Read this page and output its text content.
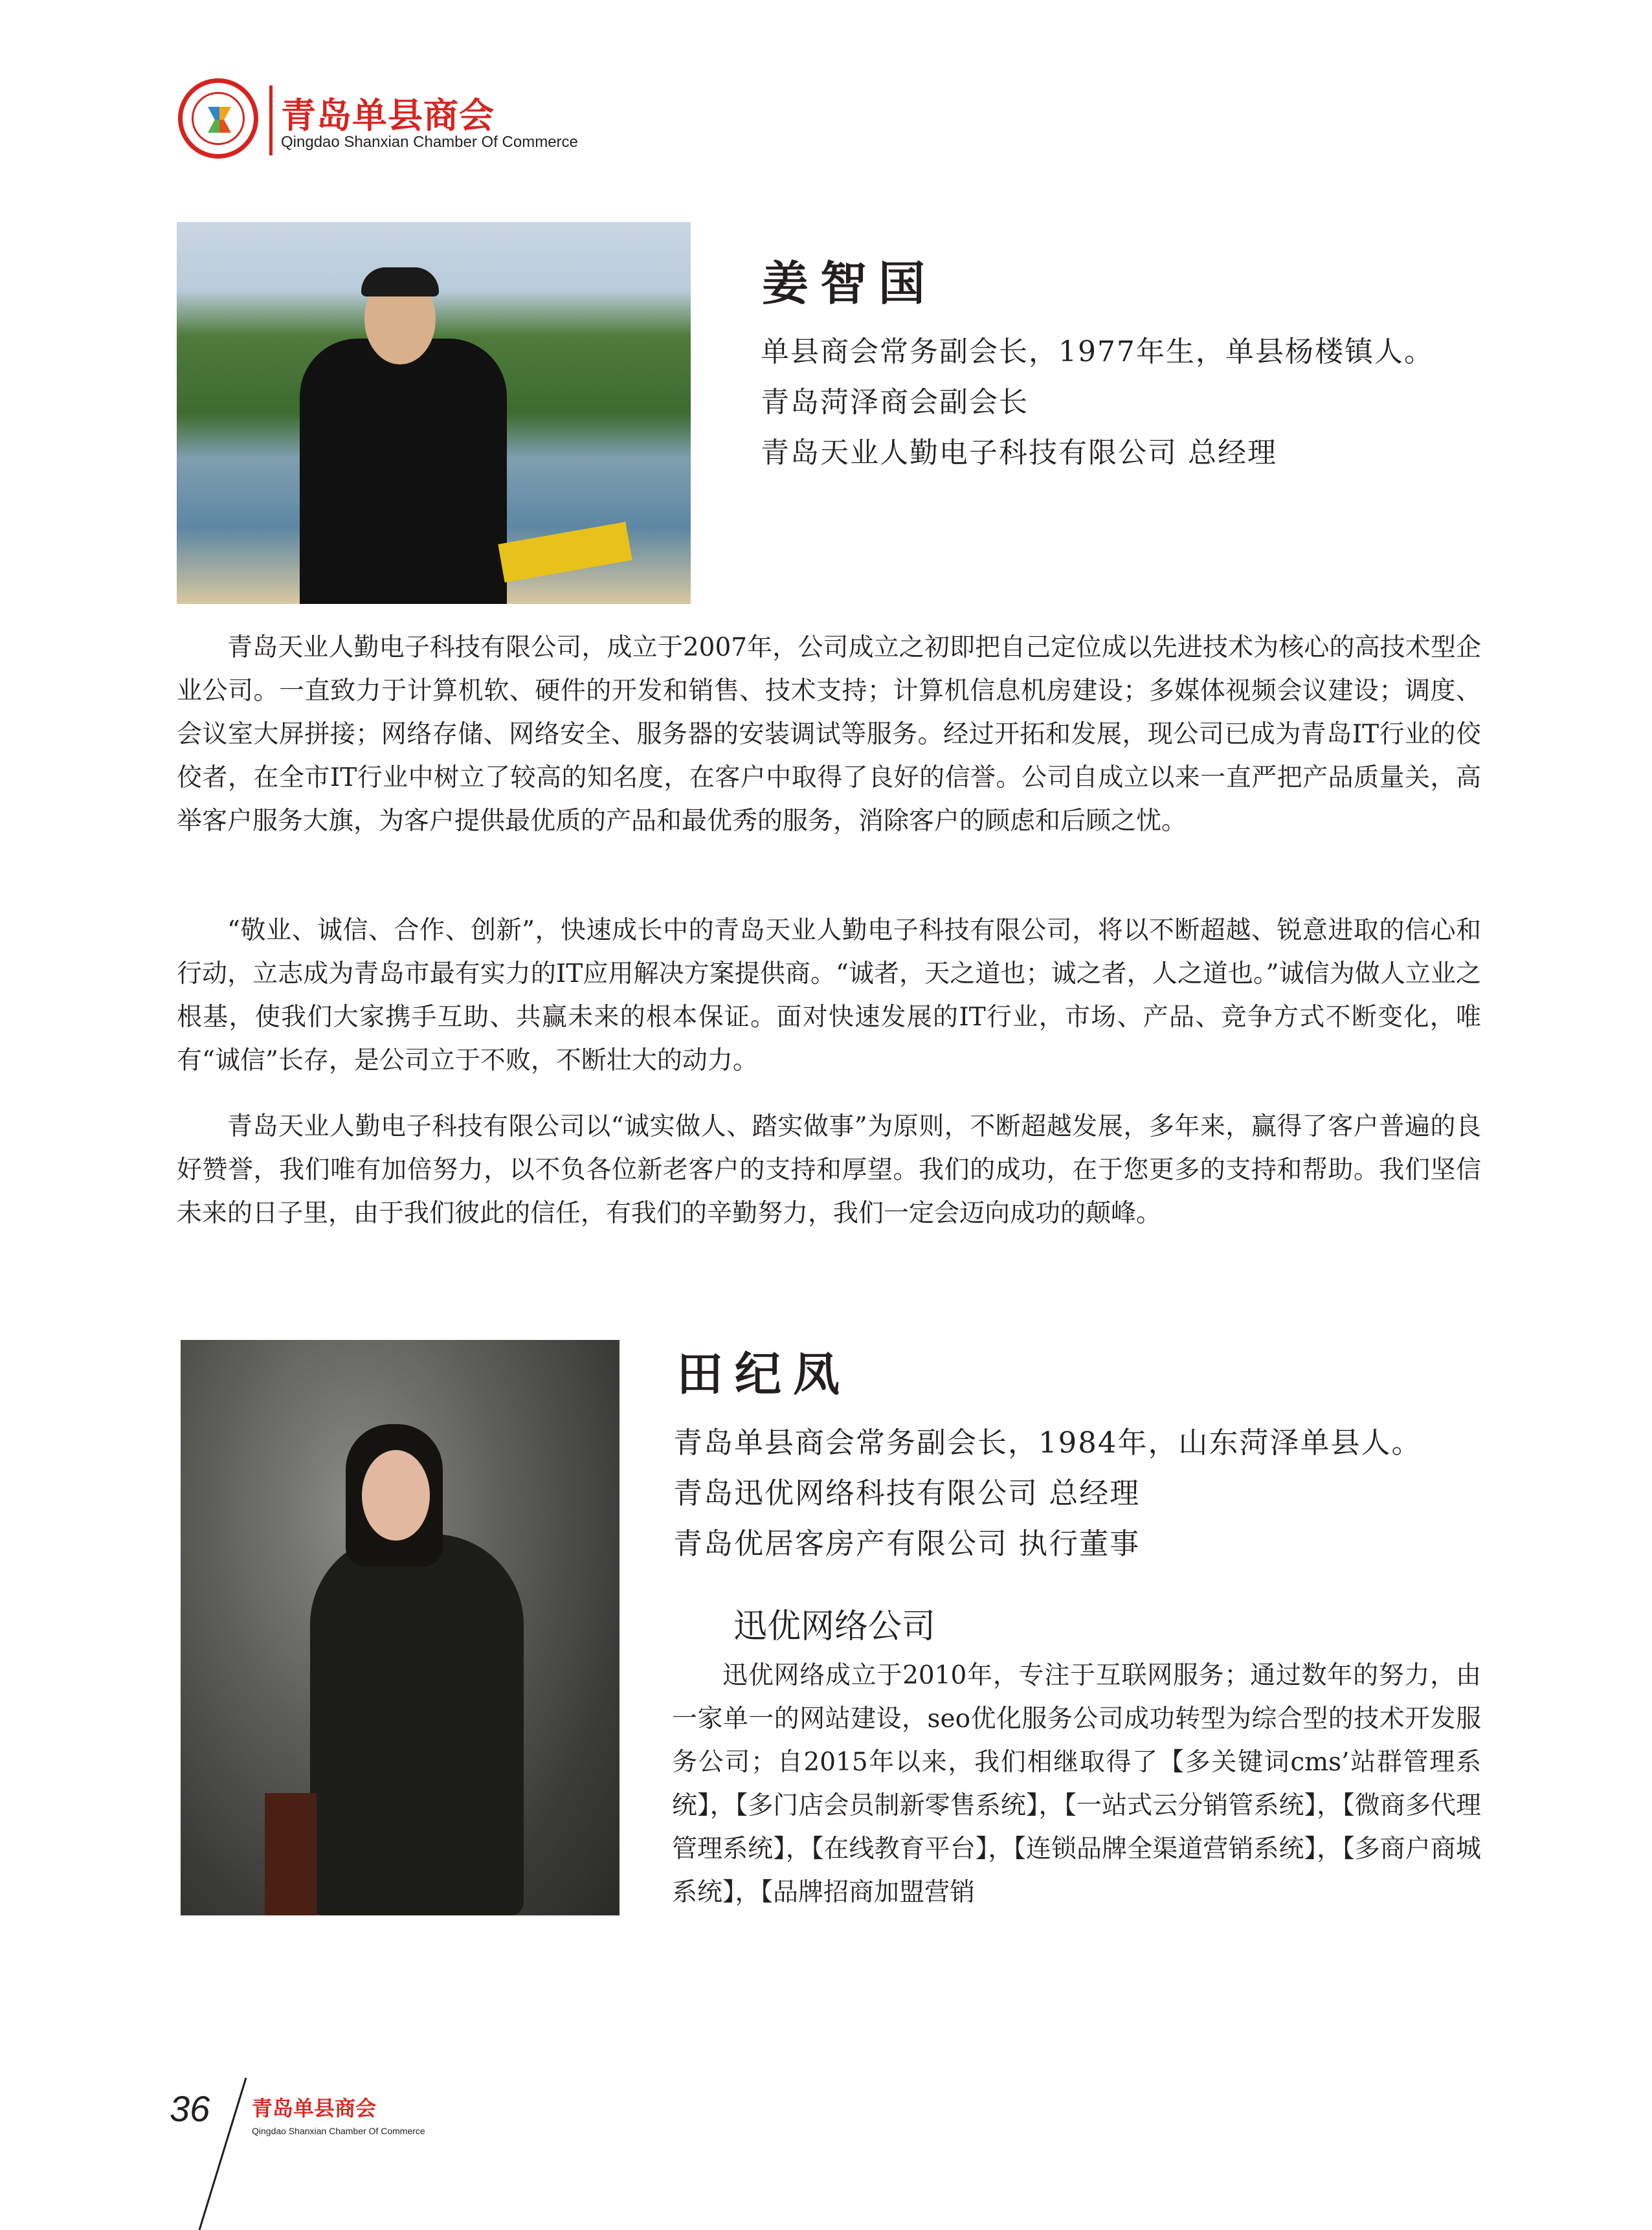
青岛单县商会
Qingdao Shanxian Chamber Of Commerce
姜智国
单县商会常务副会长，1977年生，单县杨楼镇人。
青岛菏泽商会副会长
青岛天业人勤电子科技有限公司 总经理

青岛天业人勤电子科技有限公司，成立于2007年，公司成立之初即把自己定位成以先进技术为核心的高技术型企业公司。一直致力于计算机软、硬件的开发和销售、技术支持；计算机信息机房建设；多媒体视频会议建设；调度、会议室大屏拼接；网络存储、网络安全、服务器的安装调试等服务。经过开拓和发展，现公司已成为青岛IT行业的佼佼者，在全市IT行业中树立了较高的知名度，在客户中取得了良好的信誉。公司自成立以来一直严把产品质量关，高举客户服务大旗，为客户提供最优质的产品和最优秀的服务，消除客户的顾虑和后顾之忧。

“敬业、诚信、合作、创新”，快速成长中的青岛天业人勤电子科技有限公司，将以不断超越、锐意进取的信心和行动，立志成为青岛市最有实力的IT应用解决方案提供商。“诚者，天之道也；诚之者，人之道也。”诚信为做人立业之根基，使我们大家携手互助、共赢未来的根本保证。面对快速发展的IT行业，市场、产品、竞争方式不断变化，唯有“诚信”长存，是公司立于不败，不断壮大的动力。

青岛天业人勤电子科技有限公司以“诚实做人、踏实做事”为原则，不断超越发展，多年来，赢得了客户普遍的良好赞誉，我们唯有加倍努力，以不负各位新老客户的支持和厚望。我们的成功，在于您更多的支持和帮助。我们坚信未来的日子里，由于我们彼此的信任，有我们的辛勤努力，我们一定会迈向成功的颠峰。

田纪凤
青岛单县商会常务副会长，1984年，山东菏泽单县人。
青岛迅优网络科技有限公司 总经理
青岛优居客房产有限公司 执行董事
迅优网络公司

迅优网络成立于2010年，专注于互联网服务；通过数年的努力，由一家单一的网站建设，seo优化服务公司成功转型为综合型的技术开发服务公司；自2015年以来，我们相继取得了【多关键词cms’站群管理系统】，【多门店会员制新零售系统】，【一站式云分销管系统】，【微商多代理管理系统】，【在线教育平台】，【连锁品牌全渠道营销系统】，【多商户商城系统】，【品牌招商加盟营销

36 青岛单县商会
Qingdao Shanxian Chamber Of Commerce
